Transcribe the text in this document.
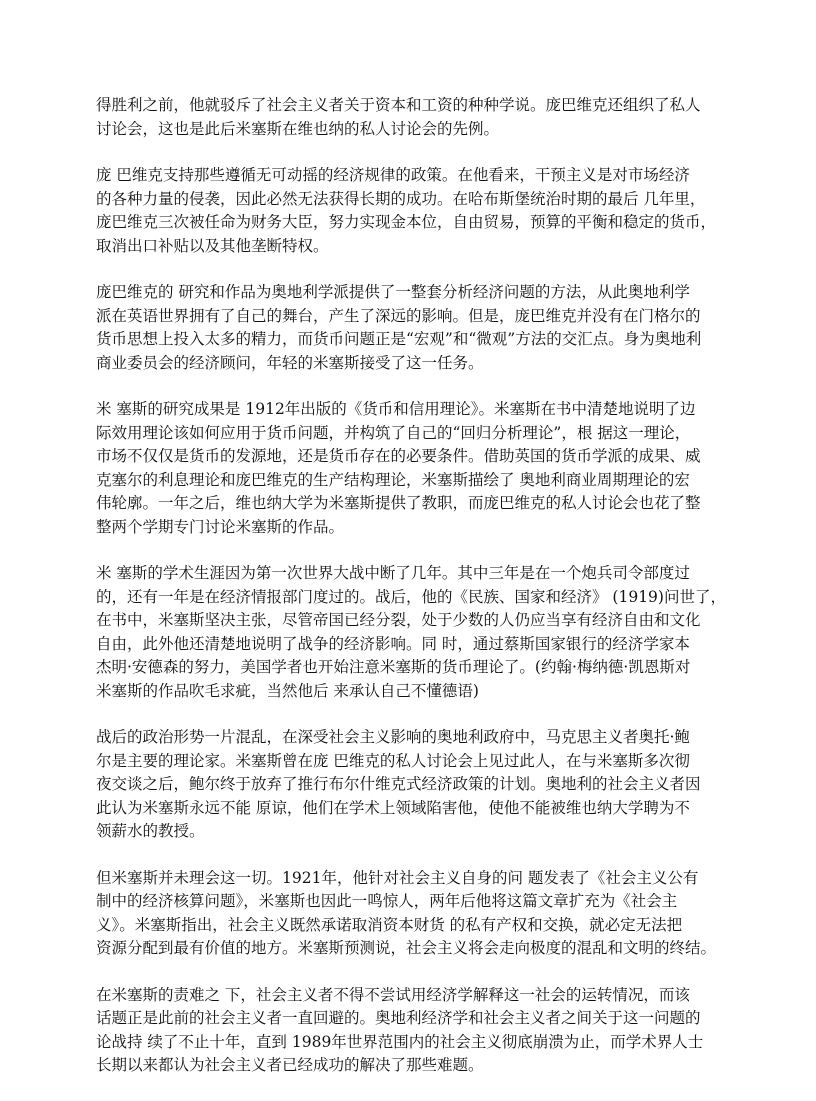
得胜利之前，他就驳斥了社会主义者关于资本和工资的种种学说。庞巴维克还组织了私人
讨论会，这也是此后米塞斯在维也纳的私人讨论会的先例。

庞 巴维克支持那些遵循无可动摇的经济规律的政策。在他看来，干预主义是对市场经济
的各种力量的侵袭，因此必然无法获得长期的成功。在哈布斯堡统治时期的最后 几年里，
庞巴维克三次被任命为财务大臣，努力实现金本位，自由贸易，预算的平衡和稳定的货币，
取消出口补贴以及其他垄断特权。

庞巴维克的 研究和作品为奥地利学派提供了一整套分析经济问题的方法，从此奥地利学
派在英语世界拥有了自己的舞台，产生了深远的影响。但是，庞巴维克并没有在门格尔的
货币思想上投入太多的精力，而货币问题正是“宏观”和“微观”方法的交汇点。身为奥地利
商业委员会的经济顾问，年轻的米塞斯接受了这一任务。

米 塞斯的研究成果是 1912年出版的《货币和信用理论》。米塞斯在书中清楚地说明了边
际效用理论该如何应用于货币问题，并构筑了自己的“回归分析理论”，根 据这一理论，
市场不仅仅是货币的发源地，还是货币存在的必要条件。借助英国的货币学派的成果、威
克塞尔的利息理论和庞巴维克的生产结构理论，米塞斯描绘了 奥地利商业周期理论的宏
伟轮廓。一年之后，维也纳大学为米塞斯提供了教职，而庞巴维克的私人讨论会也花了整
整两个学期专门讨论米塞斯的作品。

米 塞斯的学术生涯因为第一次世界大战中断了几年。其中三年是在一个炮兵司令部度过
的，还有一年是在经济情报部门度过的。战后，他的《民族、国家和经济》 (1919)问世了，
在书中，米塞斯坚决主张，尽管帝国已经分裂，处于少数的人仍应当享有经济自由和文化
自由，此外他还清楚地说明了战争的经济影响。同 时，通过蔡斯国家银行的经济学家本
杰明·安德森的努力，美国学者也开始注意米塞斯的货币理论了。(约翰·梅纳德·凯恩斯对
米塞斯的作品吹毛求疵，当然他后 来承认自己不懂德语)

战后的政治形势一片混乱，在深受社会主义影响的奥地利政府中，马克思主义者奥托·鲍
尔是主要的理论家。米塞斯曾在庞 巴维克的私人讨论会上见过此人，在与米塞斯多次彻
夜交谈之后，鲍尔终于放弃了推行布尔什维克式经济政策的计划。奥地利的社会主义者因
此认为米塞斯永远不能 原谅，他们在学术上领域陷害他，使他不能被维也纳大学聘为不
领薪水的教授。

但米塞斯并未理会这一切。1921年，他针对社会主义自身的问 题发表了《社会主义公有
制中的经济核算问题》，米塞斯也因此一鸣惊人，两年后他将这篇文章扩充为《社会主
义》。米塞斯指出，社会主义既然承诺取消资本财货 的私有产权和交换，就必定无法把
资源分配到最有价值的地方。米塞斯预测说，社会主义将会走向极度的混乱和文明的终结。

在米塞斯的责难之 下，社会主义者不得不尝试用经济学解释这一社会的运转情况，而该
话题正是此前的社会主义者一直回避的。奥地利经济学和社会主义者之间关于这一问题的
论战持 续了不止十年，直到 1989年世界范围内的社会主义彻底崩溃为止，而学术界人士
长期以来都认为社会主义者已经成功的解决了那些难题。
